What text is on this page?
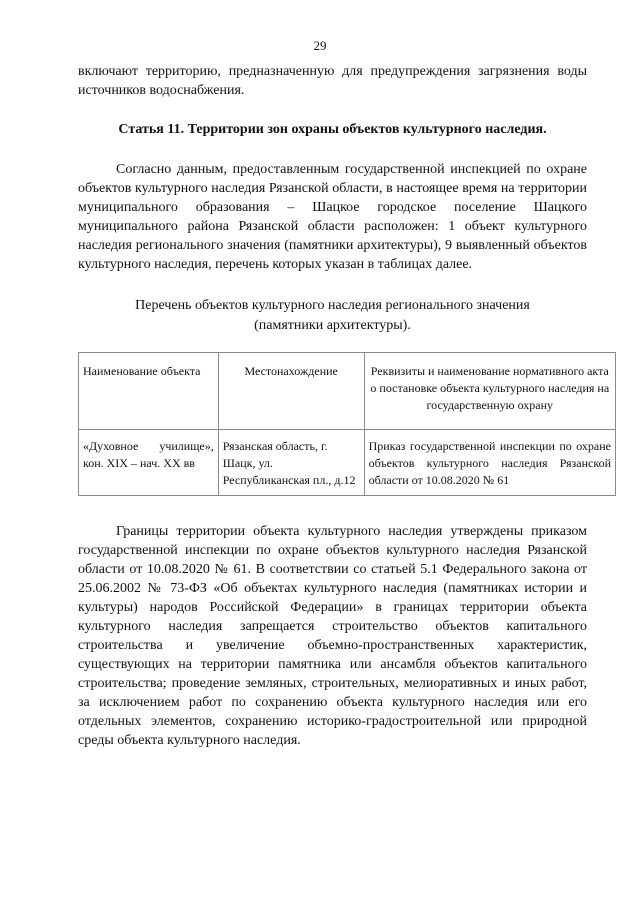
29

включают территорию, предназначенную для предупреждения загрязнения воды источников водоснабжения.

Статья 11. Территории зон охраны объектов культурного наследия.

Согласно данным, предоставленным государственной инспекцией по охране объектов культурного наследия Рязанской области, в настоящее время на территории муниципального образования – Шацкое городское поселение Шацкого муниципального района Рязанской области расположен: 1 объект культурного наследия регионального значения (памятники архитектуры), 9 выявленный объектов культурного наследия, перечень которых указан в таблицах далее.

Перечень объектов культурного наследия регионального значения
(памятники архитектуры).
Наименование объекта	Местонахождение	Реквизиты и наименование нормативного акта о постановке объекта культурного наследия на государственную охрану
«Духовное училище», кон. XIX – нач. XX вв	Рязанская область, г. Шацк, ул. Республиканская пл., д.12	Приказ государственной инспекции по охране объектов культурного наследия Рязанской области от 10.08.2020 № 61

Границы территории объекта культурного наследия утверждены приказом государственной инспекции по охране объектов культурного наследия Рязанской области от 10.08.2020 № 61. В соответствии со статьей 5.1 Федерального закона от 25.06.2002 № 73-ФЗ «Об объектах культурного наследия (памятниках истории и культуры) народов Российской Федерации» в границах территории объекта культурного наследия запрещается строительство объектов капитального строительства и увеличение объемно-пространственных характеристик, существующих на территории памятника или ансамбля объектов капитального строительства; проведение земляных, строительных, мелиоративных и иных работ, за исключением работ по сохранению объекта культурного наследия или его отдельных элементов, сохранению историко-градостроительной или природной среды объекта культурного наследия.
